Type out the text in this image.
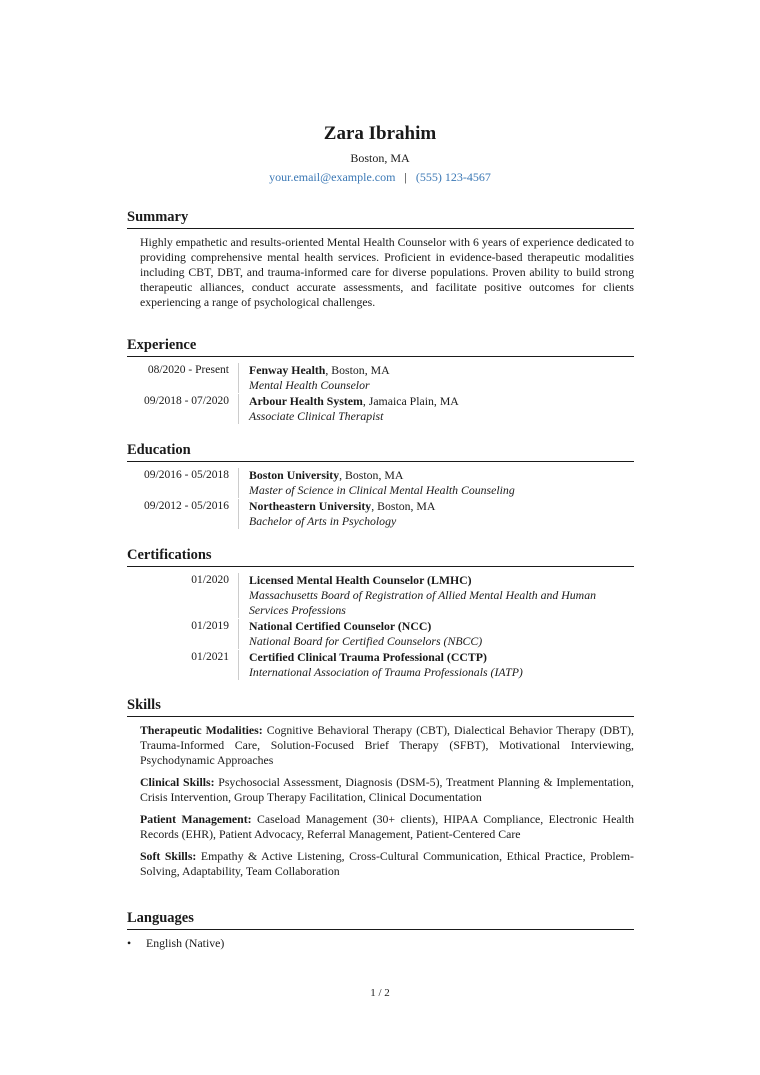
Zara Ibrahim
Boston, MA
your.email@example.com | (555) 123-4567
Summary
Highly empathetic and results-oriented Mental Health Counselor with 6 years of experience dedicated to providing comprehensive mental health services. Proficient in evidence-based therapeutic modalities including CBT, DBT, and trauma-informed care for diverse populations. Proven ability to build strong therapeutic alliances, conduct accurate assessments, and facilitate positive outcomes for clients experiencing a range of psychological challenges.
Experience
08/2020 - Present	Fenway Health, Boston, MA
Mental Health Counselor
09/2018 - 07/2020	Arbour Health System, Jamaica Plain, MA
Associate Clinical Therapist
Education
09/2016 - 05/2018	Boston University, Boston, MA
Master of Science in Clinical Mental Health Counseling
09/2012 - 05/2016	Northeastern University, Boston, MA
Bachelor of Arts in Psychology
Certifications
01/2020	Licensed Mental Health Counselor (LMHC)
Massachusetts Board of Registration of Allied Mental Health and Human Services Professions
01/2019	National Certified Counselor (NCC)
National Board for Certified Counselors (NBCC)
01/2021	Certified Clinical Trauma Professional (CCTP)
International Association of Trauma Professionals (IATP)
Skills
Therapeutic Modalities: Cognitive Behavioral Therapy (CBT), Dialectical Behavior Therapy (DBT), Trauma-Informed Care, Solution-Focused Brief Therapy (SFBT), Motivational Interviewing, Psychodynamic Approaches
Clinical Skills: Psychosocial Assessment, Diagnosis (DSM-5), Treatment Planning & Implementation, Crisis Intervention, Group Therapy Facilitation, Clinical Documentation
Patient Management: Caseload Management (30+ clients), HIPAA Compliance, Electronic Health Records (EHR), Patient Advocacy, Referral Management, Patient-Centered Care
Soft Skills: Empathy & Active Listening, Cross-Cultural Communication, Ethical Practice, Problem-Solving, Adaptability, Team Collaboration
Languages
• English (Native)
1 / 2
